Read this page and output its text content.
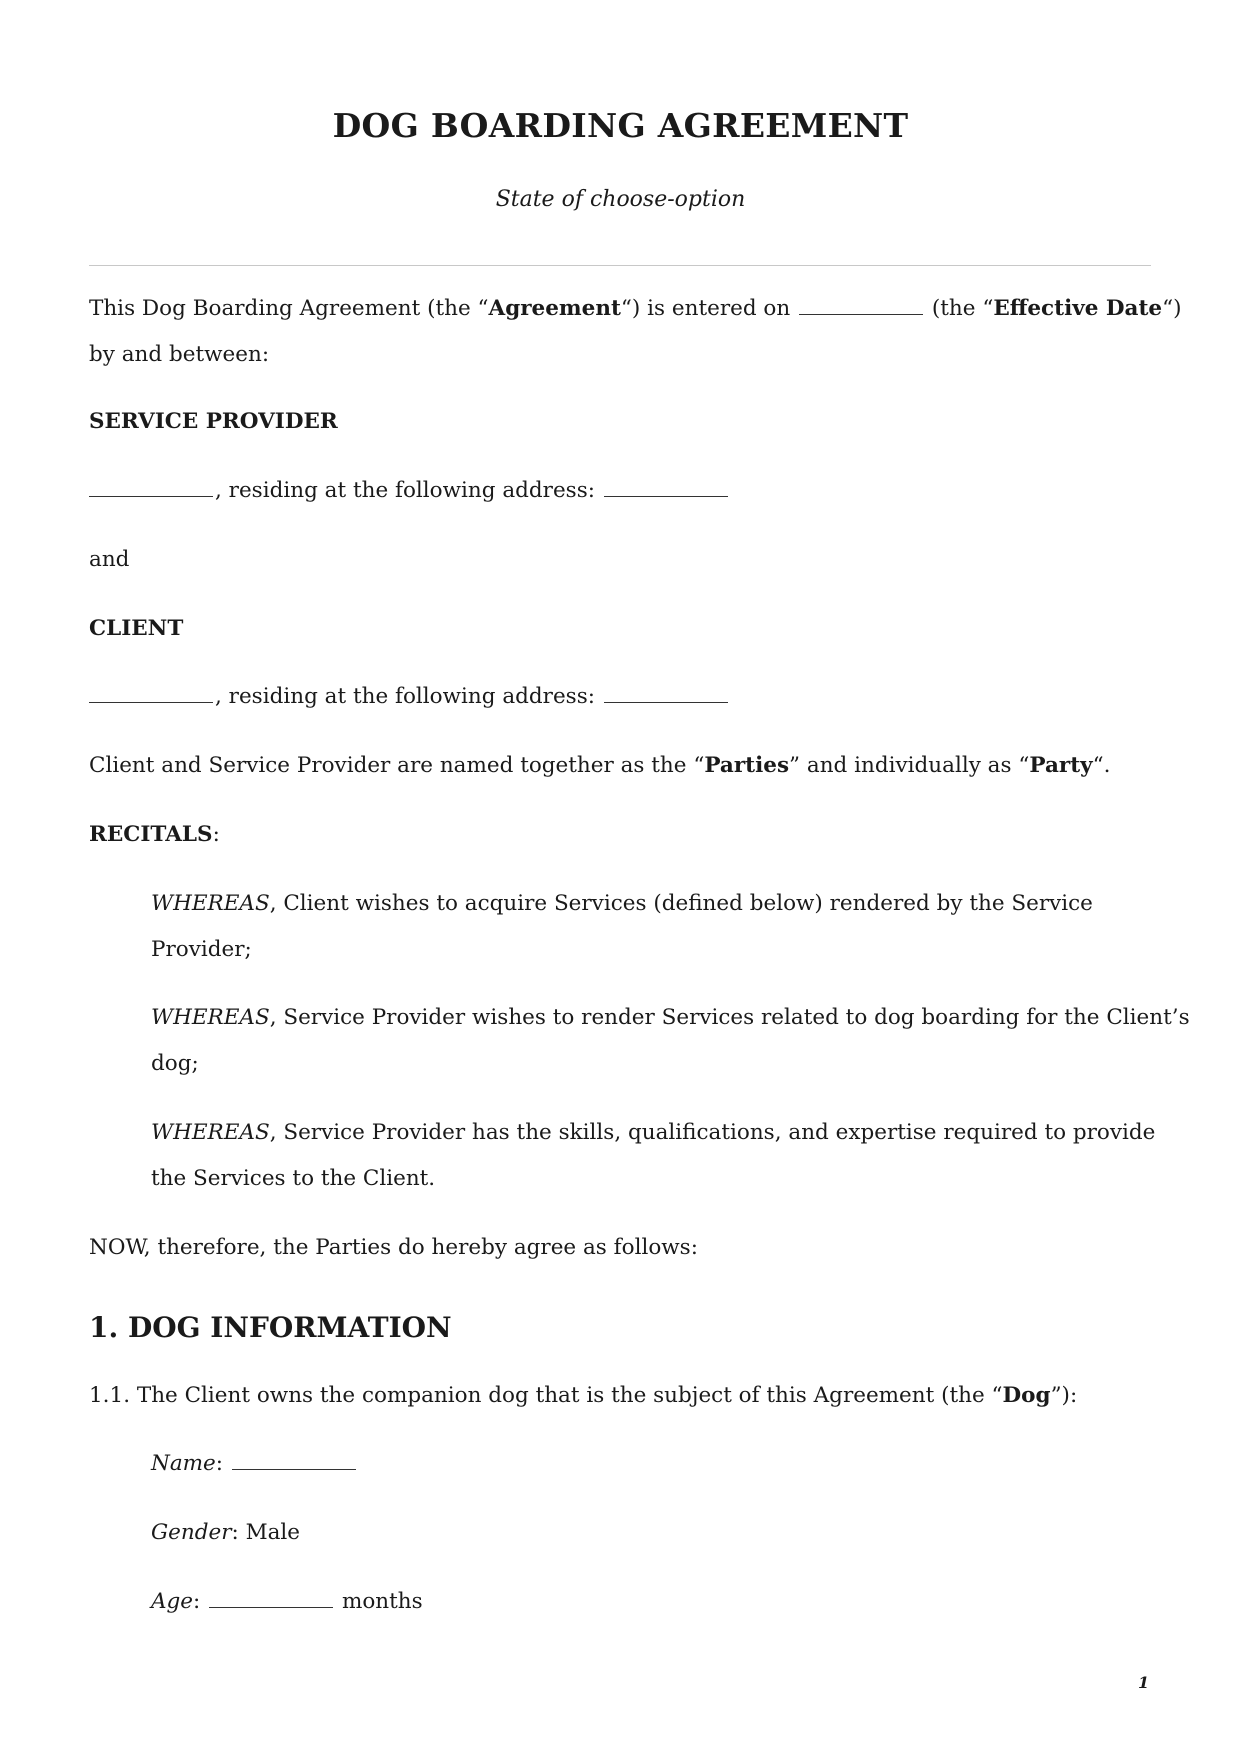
DOG BOARDING AGREEMENT
State of choose-option
This Dog Boarding Agreement (the “Agreement“) is entered on	(the “Effective Date“)
by and between:
SERVICE PROVIDER
, residing at the following address:
and
CLIENT
, residing at the following address:
Client and Service Provider are named together as the “Parties” and individually as “Party“.
RECITALS:
WHEREAS, Client wishes to acquire Services (defined below) rendered by the Service
Provider;
WHEREAS, Service Provider wishes to render Services related to dog boarding for the Client’s
dog;
WHEREAS, Service Provider has the skills, qualifications, and expertise required to provide
the Services to the Client.
NOW, therefore, the Parties do hereby agree as follows:
1. DOG INFORMATION
1.1. The Client owns the companion dog that is the subject of this Agreement (the “Dog”):
Name:
Gender: Male
Age:	months
1
